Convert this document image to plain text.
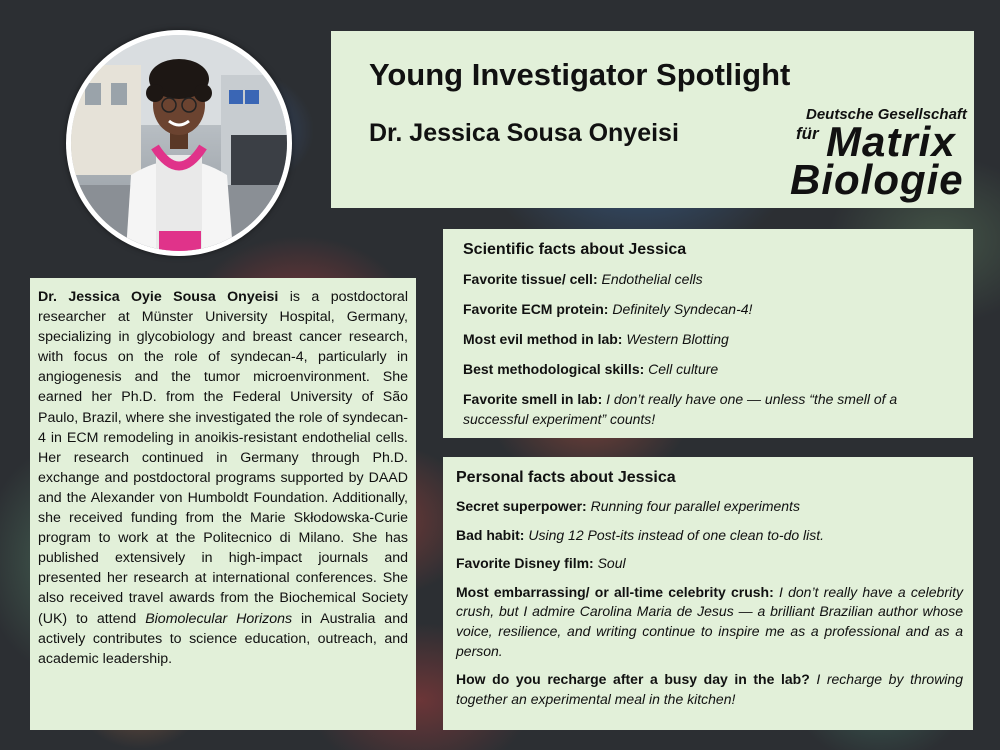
Young Investigator Spotlight
Dr. Jessica Sousa Onyeisi
Deutsche Gesellschaft
für Matrix
Biologie

Dr. Jessica Oyie Sousa Onyeisi is a postdoctoral researcher at Münster University Hospital, Germany, specializing in glycobiology and breast cancer research, with focus on the role of syndecan-4, particularly in angiogenesis and the tumor microenvironment. She earned her Ph.D. from the Federal University of São Paulo, Brazil, where she investigated the role of syndecan-4 in ECM remodeling in anoikis-resistant endothelial cells. Her research continued in Germany through Ph.D. exchange and postdoctoral programs supported by DAAD and the Alexander von Humboldt Foundation. Additionally, she received funding from the Marie Skłodowska-Curie program to work at the Politecnico di Milano. She has published extensively in high-impact journals and presented her research at international conferences. She also received travel awards from the Biochemical Society (UK) to attend Biomolecular Horizons in Australia and actively contributes to science education, outreach, and academic leadership.

Scientific facts about Jessica

Favorite tissue/ cell: Endothelial cells

Favorite ECM protein: Definitely Syndecan-4!

Most evil method in lab: Western Blotting

Best methodological skills: Cell culture

Favorite smell in lab: I don’t really have one — unless “the smell of a successful experiment” counts!

Personal facts about Jessica

Secret superpower: Running four parallel experiments

Bad habit: Using 12 Post-its instead of one clean to-do list.

Favorite Disney film: Soul

Most embarrassing/ or all-time celebrity crush: I don’t really have a celebrity crush, but I admire Carolina Maria de Jesus — a brilliant Brazilian author whose voice, resilience, and writing continue to inspire me as a professional and as a person.

How do you recharge after a busy day in the lab? I recharge by throwing together an experimental meal in the kitchen!
